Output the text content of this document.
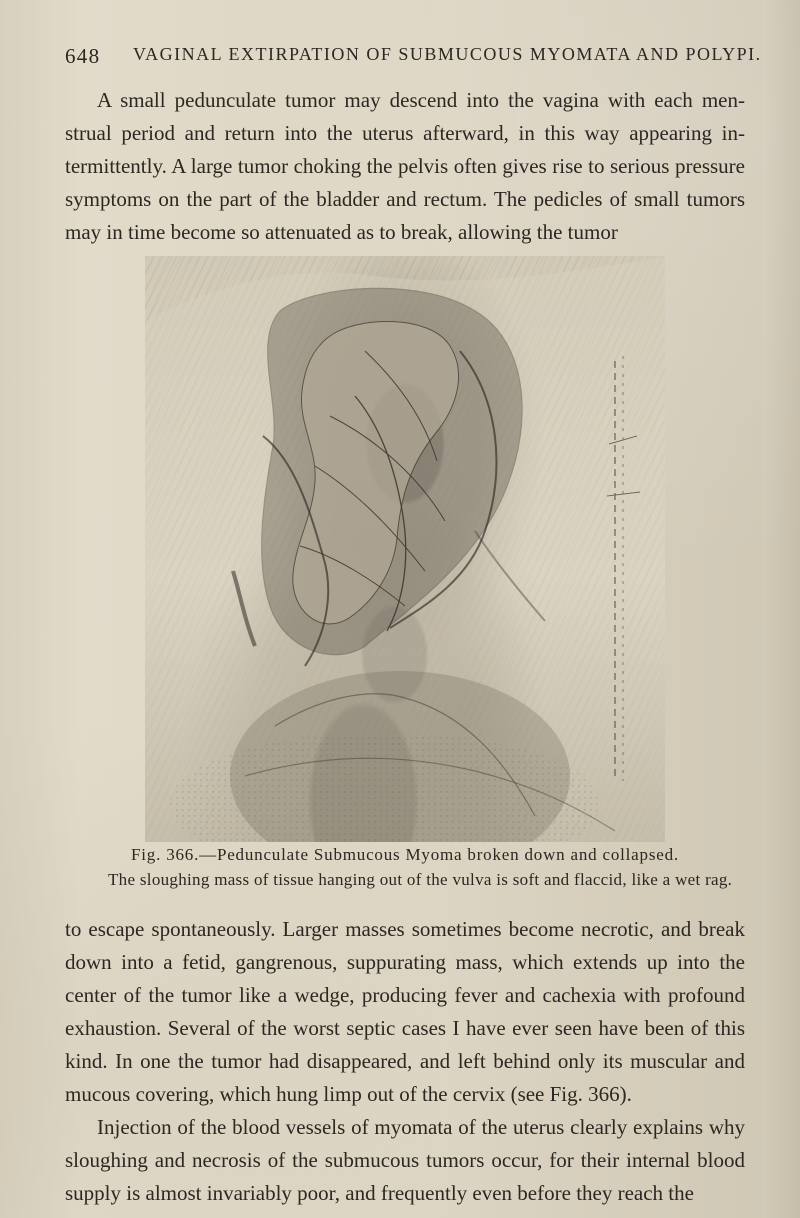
648 VAGINAL EXTIRPATION OF SUBMUCOUS MYOMATA AND POLYPI.
A small pedunculate tumor may descend into the vagina with each men-strual period and return into the uterus afterward, in this way appearing in-termittently. A large tumor choking the pelvis often gives rise to serious pressure symptoms on the part of the bladder and rectum. The pedicles of small tumors may in time become so attenuated as to break, allowing the tumor
Fig. 366.—Pedunculate Submucous Myoma broken down and collapsed.
The sloughing mass of tissue hanging out of the vulva is soft and flaccid, like a wet rag.

to escape spontaneously. Larger masses sometimes become necrotic, and break down into a fetid, gangrenous, suppurating mass, which extends up into the center of the tumor like a wedge, producing fever and cachexia with profound exhaustion. Several of the worst septic cases I have ever seen have been of this kind. In one the tumor had disappeared, and left behind only its muscular and mucous covering, which hung limp out of the cervix (see Fig. 366).

Injection of the blood vessels of myomata of the uterus clearly explains why sloughing and necrosis of the submucous tumors occur, for their internal blood supply is almost invariably poor, and frequently even before they reach the
